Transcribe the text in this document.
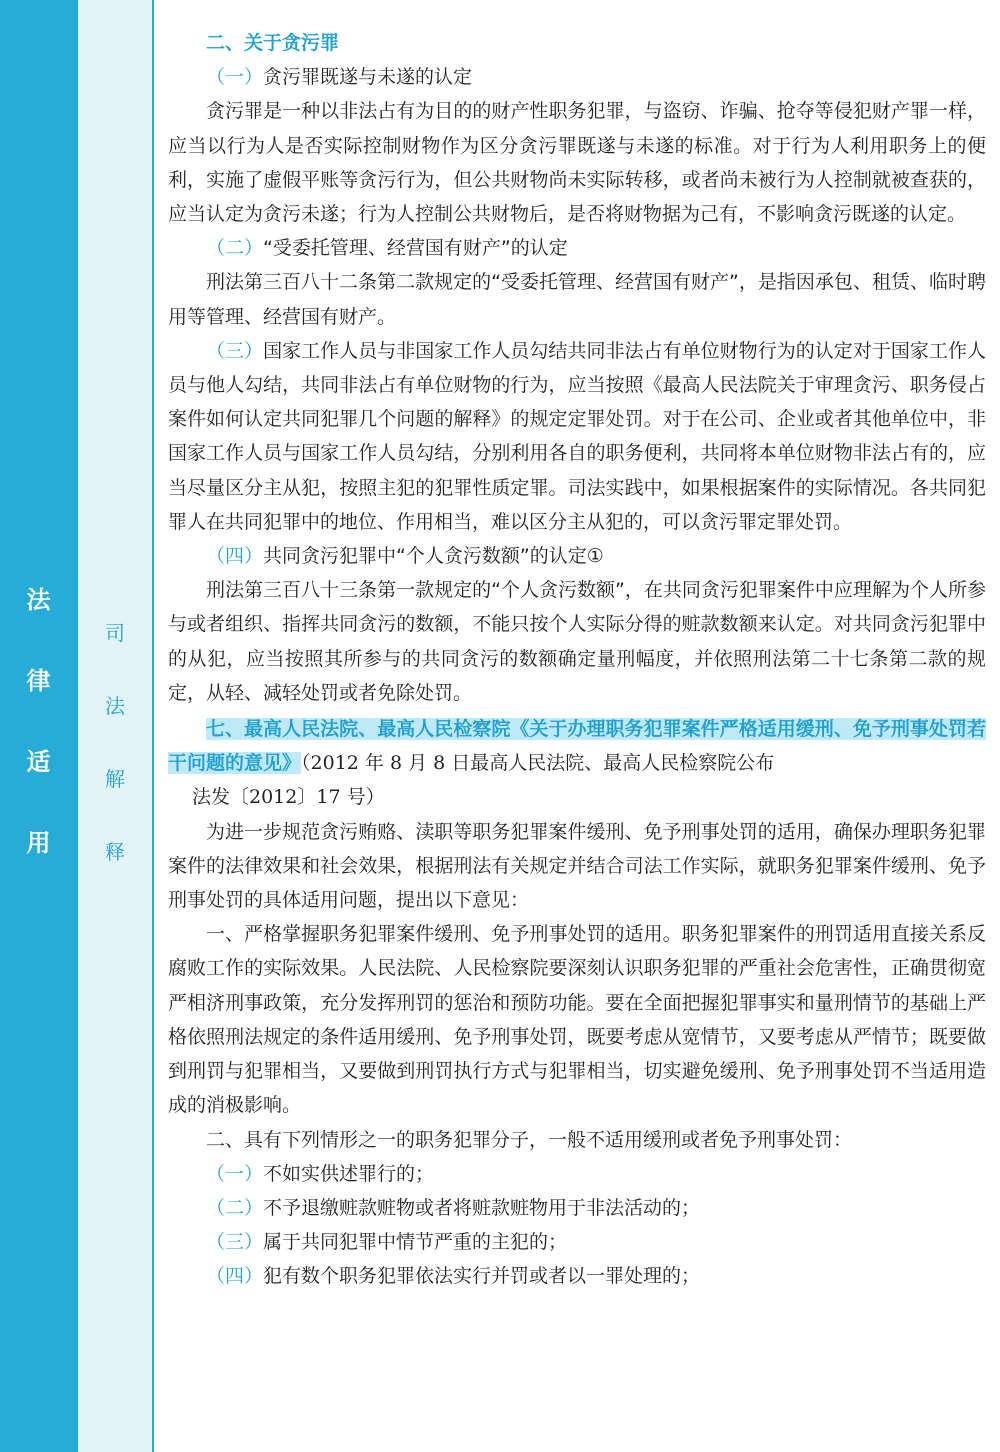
法
律
适
用
司
法
解
释

二、关于贪污罪

（一）贪污罪既遂与未遂的认定

贪污罪是一种以非法占有为目的的财产性职务犯罪，与盗窃、诈骗、抢夺等侵犯财产罪一样，应当以行为人是否实际控制财物作为区分贪污罪既遂与未遂的标准。对于行为人利用职务上的便利，实施了虚假平账等贪污行为，但公共财物尚未实际转移，或者尚未被行为人控制就被查获的，应当认定为贪污未遂；行为人控制公共财物后，是否将财物据为己有，不影响贪污既遂的认定。

（二）“受委托管理、经营国有财产”的认定

刑法第三百八十二条第二款规定的“受委托管理、经营国有财产”，是指因承包、租赁、临时聘用等管理、经营国有财产。

（三）国家工作人员与非国家工作人员勾结共同非法占有单位财物行为的认定对于国家工作人员与他人勾结，共同非法占有单位财物的行为，应当按照《最高人民法院关于审理贪污、职务侵占案件如何认定共同犯罪几个问题的解释》的规定定罪处罚。对于在公司、企业或者其他单位中，非国家工作人员与国家工作人员勾结，分别利用各自的职务便利，共同将本单位财物非法占有的，应当尽量区分主从犯，按照主犯的犯罪性质定罪。司法实践中，如果根据案件的实际情况。各共同犯罪人在共同犯罪中的地位、作用相当，难以区分主从犯的，可以贪污罪定罪处罚。

（四）共同贪污犯罪中“个人贪污数额”的认定①

刑法第三百八十三条第一款规定的“个人贪污数额”，在共同贪污犯罪案件中应理解为个人所参与或者组织、指挥共同贪污的数额，不能只按个人实际分得的赃款数额来认定。对共同贪污犯罪中的从犯，应当按照其所参与的共同贪污的数额确定量刑幅度，并依照刑法第二十七条第二款的规定，从轻、减轻处罚或者免除处罚。

七、最高人民法院、最高人民检察院《关于办理职务犯罪案件严格适用缓刑、免予刑事处罚若干问题的意见》（2012 年 8 月 8 日最高人民法院、最高人民检察院公布

法发〔2012〕17 号）

为进一步规范贪污贿赂、渎职等职务犯罪案件缓刑、免予刑事处罚的适用，确保办理职务犯罪案件的法律效果和社会效果，根据刑法有关规定并结合司法工作实际，就职务犯罪案件缓刑、免予刑事处罚的具体适用问题，提出以下意见：

一、严格掌握职务犯罪案件缓刑、免予刑事处罚的适用。职务犯罪案件的刑罚适用直接关系反腐败工作的实际效果。人民法院、人民检察院要深刻认识职务犯罪的严重社会危害性，正确贯彻宽严相济刑事政策，充分发挥刑罚的惩治和预防功能。要在全面把握犯罪事实和量刑情节的基础上严格依照刑法规定的条件适用缓刑、免予刑事处罚，既要考虑从宽情节，又要考虑从严情节；既要做到刑罚与犯罪相当，又要做到刑罚执行方式与犯罪相当，切实避免缓刑、免予刑事处罚不当适用造成的消极影响。

二、具有下列情形之一的职务犯罪分子，一般不适用缓刑或者免予刑事处罚：

（一）不如实供述罪行的；

（二）不予退缴赃款赃物或者将赃款赃物用于非法活动的；

（三）属于共同犯罪中情节严重的主犯的；

（四）犯有数个职务犯罪依法实行并罚或者以一罪处理的；
